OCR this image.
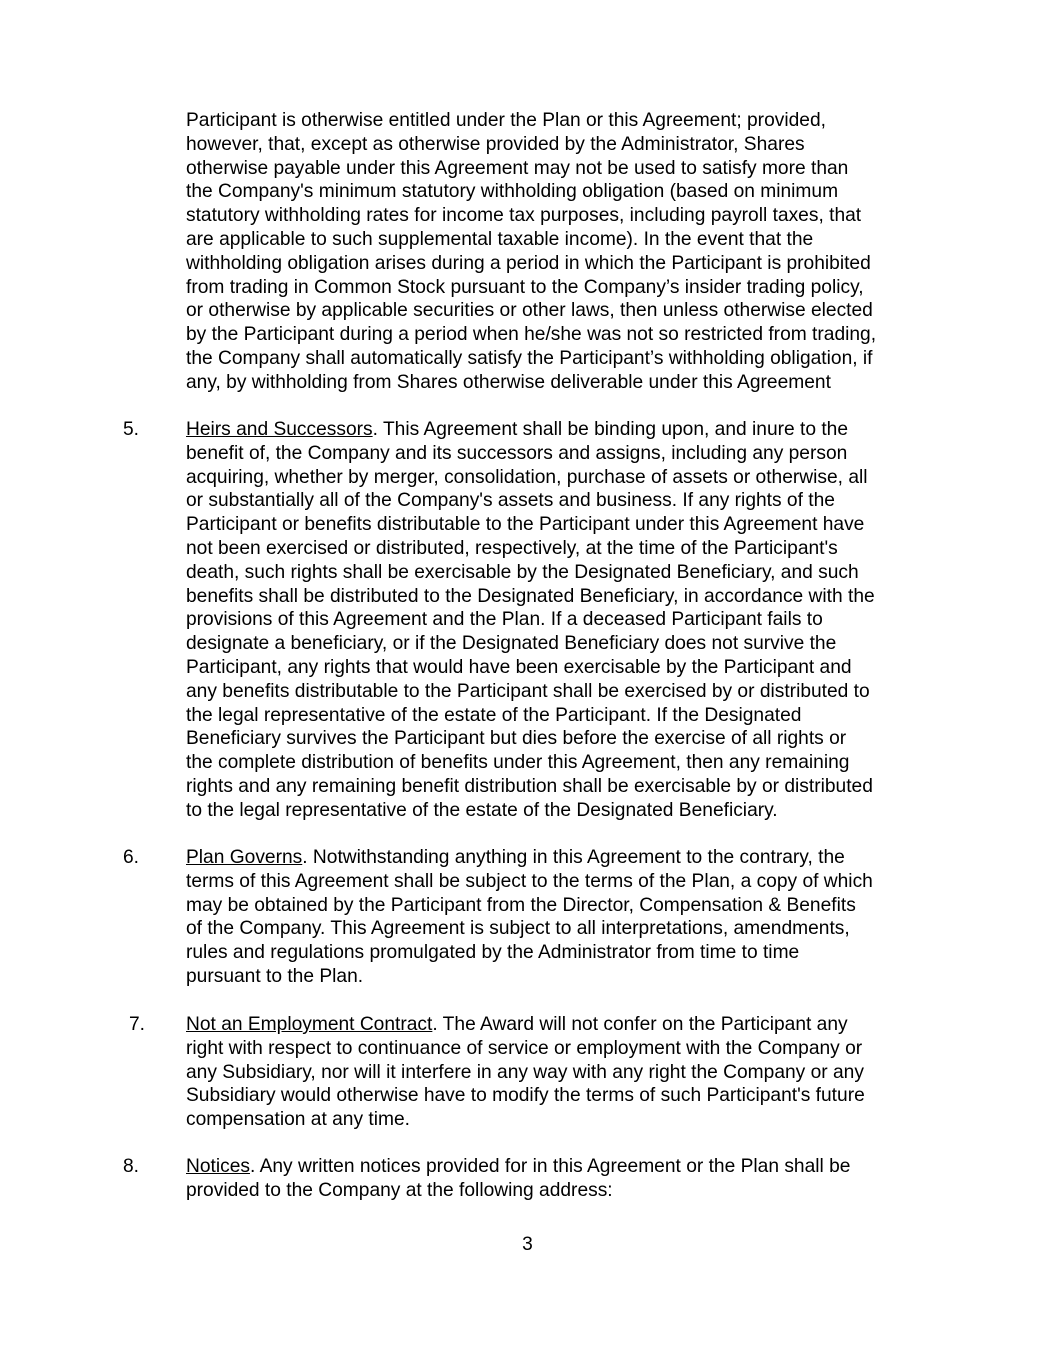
Participant is otherwise entitled under the Plan or this Agreement; provided,
however, that, except as otherwise provided by the Administrator, Shares
otherwise payable under this Agreement may not be used to satisfy more than
the Company's minimum statutory withholding obligation (based on minimum
statutory withholding rates for income tax purposes, including payroll taxes, that
are applicable to such supplemental taxable income). In the event that the
withholding obligation arises during a period in which the Participant is prohibited
from trading in Common Stock pursuant to the Company’s insider trading policy,
or otherwise by applicable securities or other laws, then unless otherwise elected
by the Participant during a period when he/she was not so restricted from trading,
the Company shall automatically satisfy the Participant’s withholding obligation, if
any, by withholding from Shares otherwise deliverable under this Agreement
5. Heirs and Successors. This Agreement shall be binding upon, and inure to the
benefit of, the Company and its successors and assigns, including any person
acquiring, whether by merger, consolidation, purchase of assets or otherwise, all
or substantially all of the Company's assets and business. If any rights of the
Participant or benefits distributable to the Participant under this Agreement have
not been exercised or distributed, respectively, at the time of the Participant's
death, such rights shall be exercisable by the Designated Beneficiary, and such
benefits shall be distributed to the Designated Beneficiary, in accordance with the
provisions of this Agreement and the Plan. If a deceased Participant fails to
designate a beneficiary, or if the Designated Beneficiary does not survive the
Participant, any rights that would have been exercisable by the Participant and
any benefits distributable to the Participant shall be exercised by or distributed to
the legal representative of the estate of the Participant. If the Designated
Beneficiary survives the Participant but dies before the exercise of all rights or
the complete distribution of benefits under this Agreement, then any remaining
rights and any remaining benefit distribution shall be exercisable by or distributed
to the legal representative of the estate of the Designated Beneficiary.
6. Plan Governs. Notwithstanding anything in this Agreement to the contrary, the
terms of this Agreement shall be subject to the terms of the Plan, a copy of which
may be obtained by the Participant from the Director, Compensation & Benefits
of the Company. This Agreement is subject to all interpretations, amendments,
rules and regulations promulgated by the Administrator from time to time
pursuant to the Plan.
7. Not an Employment Contract. The Award will not confer on the Participant any
right with respect to continuance of service or employment with the Company or
any Subsidiary, nor will it interfere in any way with any right the Company or any
Subsidiary would otherwise have to modify the terms of such Participant's future
compensation at any time.
8. Notices. Any written notices provided for in this Agreement or the Plan shall be
provided to the Company at the following address:
3
